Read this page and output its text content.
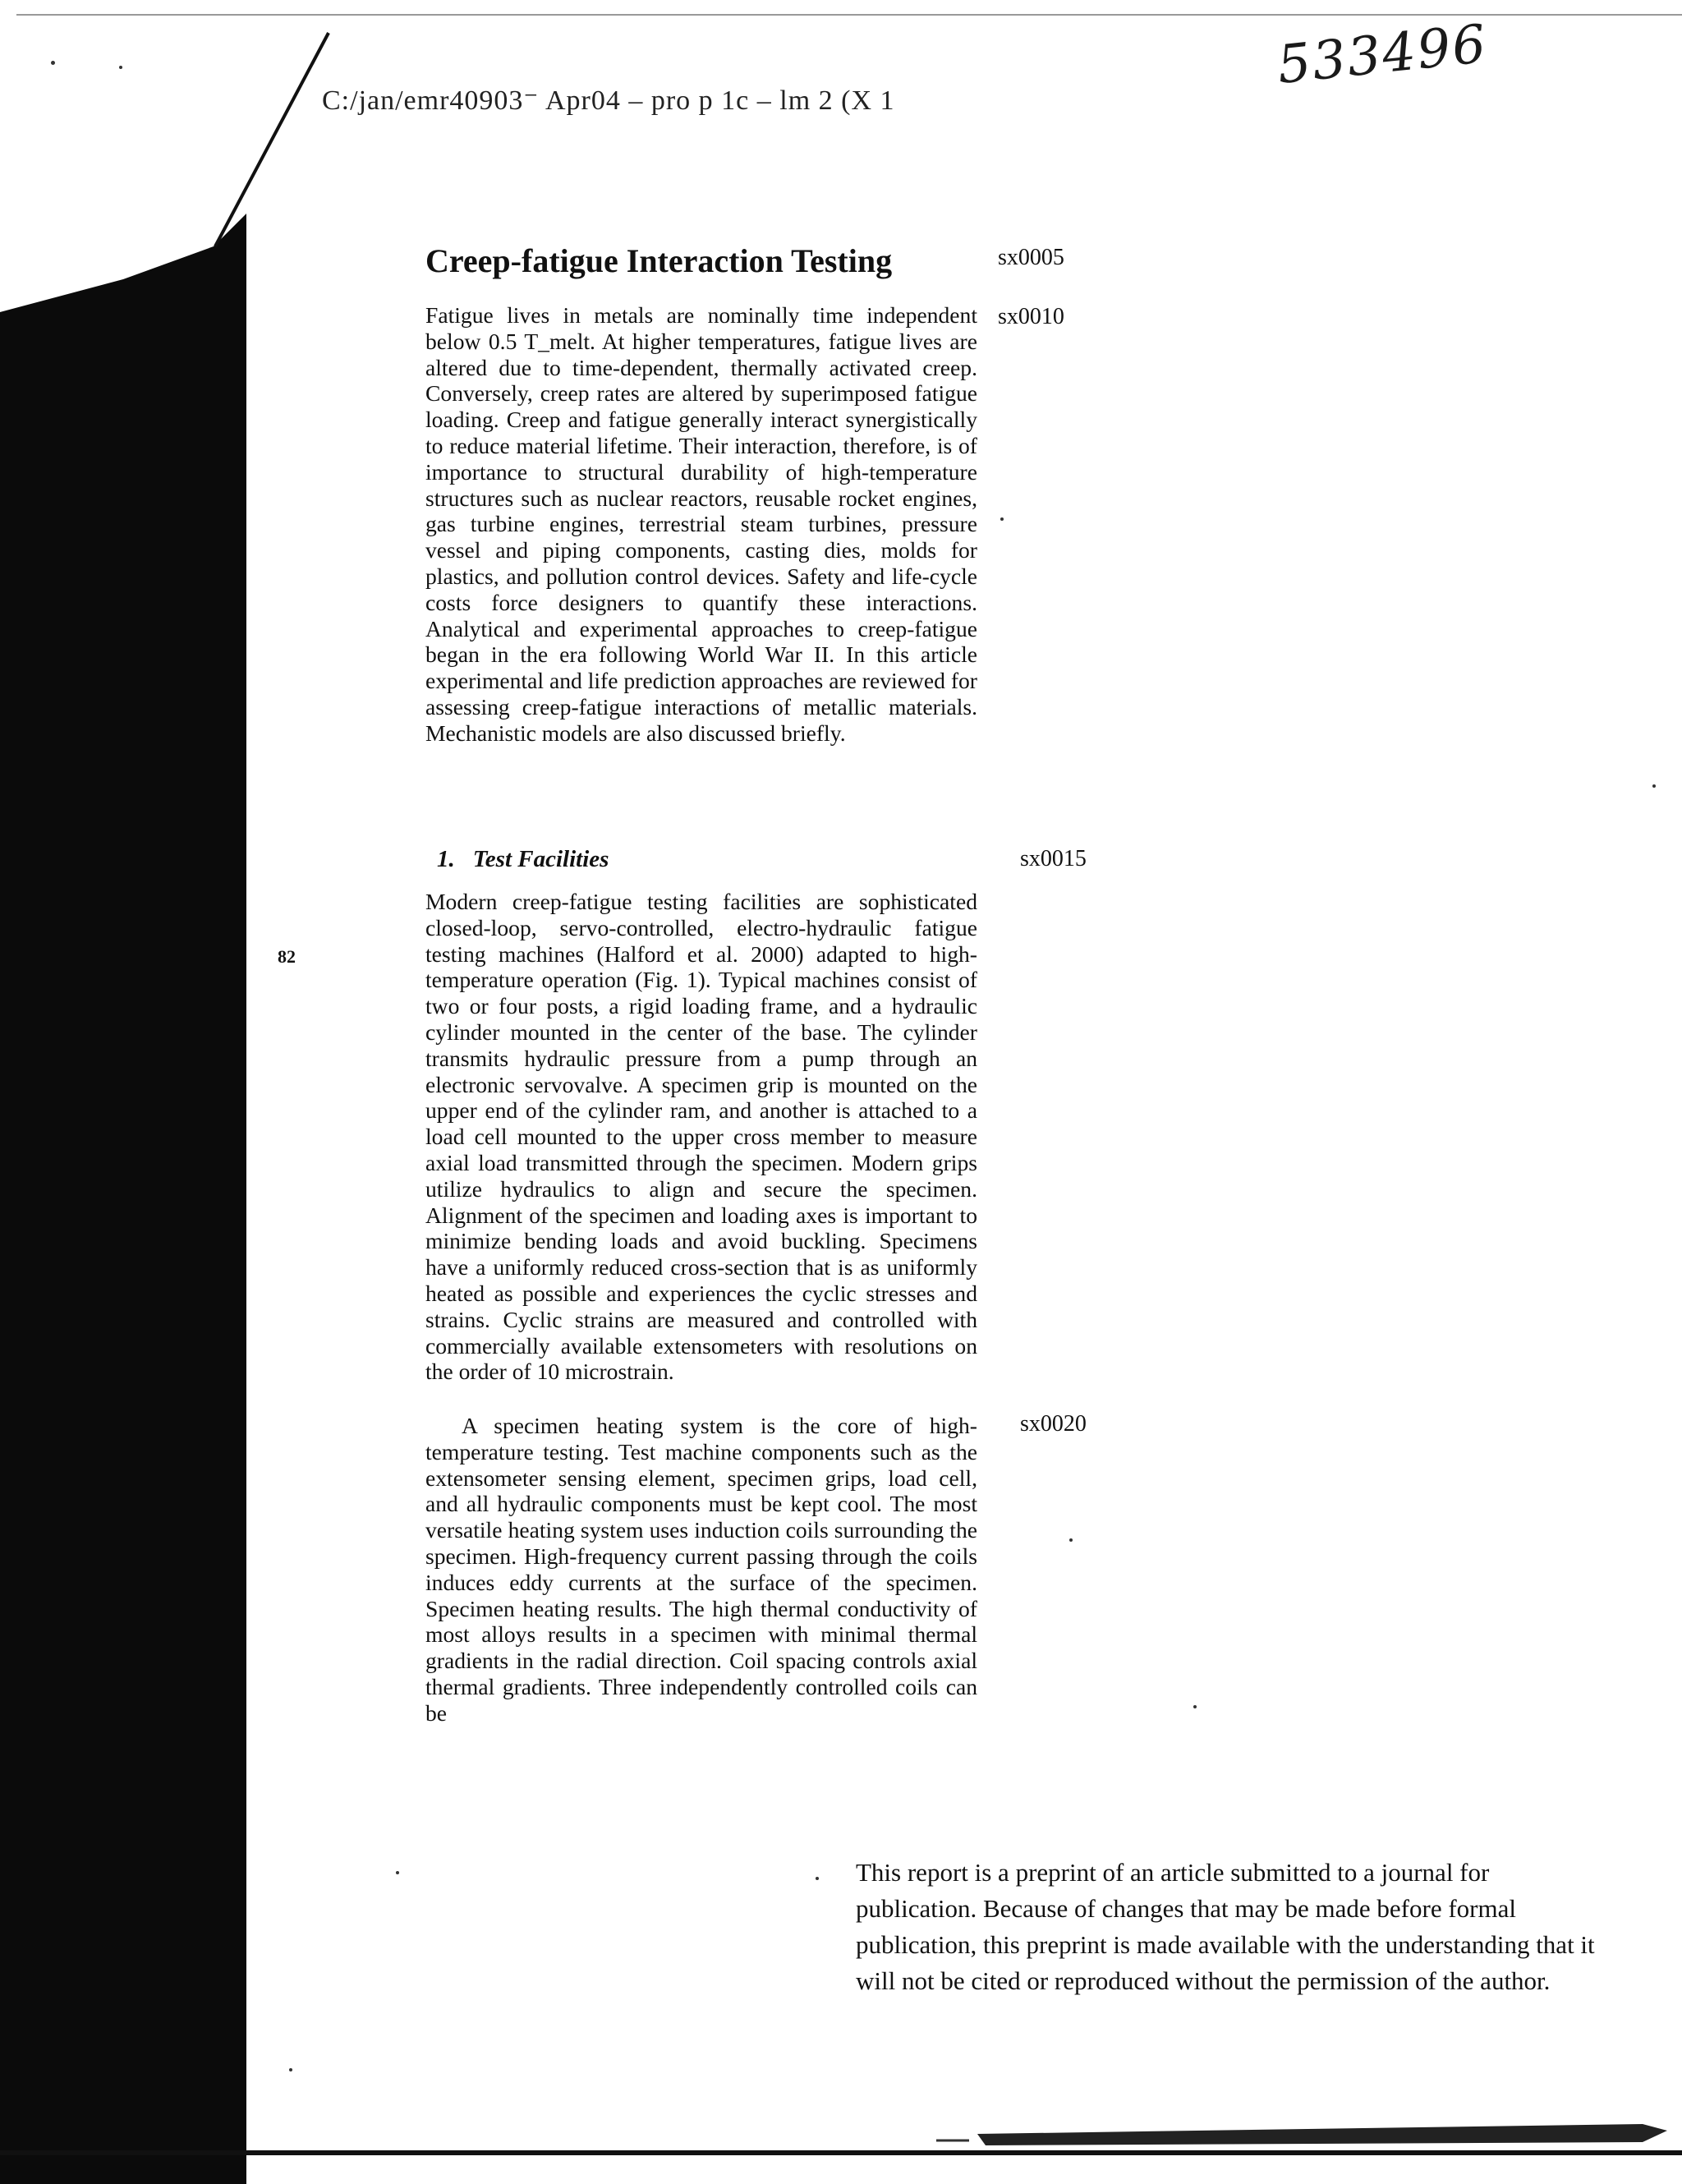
C:/jan/emr40903⁻ Apr04 – pro p 1c – lm 2 (X 1
533496
Creep-fatigue Interaction Testing	sx0005
sx0010
Fatigue lives in metals are nominally time independent below 0.5 T_melt. At higher temperatures, fatigue lives are altered due to time-dependent, thermally activated creep. Conversely, creep rates are altered by superimposed fatigue loading. Creep and fatigue generally interact synergistically to reduce material lifetime. Their interaction, therefore, is of importance to structural durability of high-temperature structures such as nuclear reactors, reusable rocket engines, gas turbine engines, terrestrial steam turbines, pressure vessel and piping components, casting dies, molds for plastics, and pollution control devices. Safety and life-cycle costs force designers to quantify these interactions. Analytical and experimental approaches to creep-fatigue began in the era following World War II. In this article experimental and life prediction approaches are reviewed for assessing creep-fatigue interactions of metallic materials. Mechanistic models are also discussed briefly.
1. Test Facilities	sx0015
82
Modern creep-fatigue testing facilities are sophisticated closed-loop, servo-controlled, electro-hydraulic fatigue testing machines (Halford et al. 2000) adapted to high-temperature operation (Fig. 1). Typical machines consist of two or four posts, a rigid loading frame, and a hydraulic cylinder mounted in the center of the base. The cylinder transmits hydraulic pressure from a pump through an electronic servovalve. A specimen grip is mounted on the upper end of the cylinder ram, and another is attached to a load cell mounted to the upper cross member to measure axial load transmitted through the specimen. Modern grips utilize hydraulics to align and secure the specimen. Alignment of the specimen and loading axes is important to minimize bending loads and avoid buckling. Specimens have a uniformly reduced cross-section that is as uniformly heated as possible and experiences the cyclic stresses and strains. Cyclic strains are measured and controlled with commercially available extensometers with resolutions on the order of 10 microstrain.
sx0020
A specimen heating system is the core of high-temperature testing. Test machine components such as the extensometer sensing element, specimen grips, load cell, and all hydraulic components must be kept cool. The most versatile heating system uses induction coils surrounding the specimen. High-frequency current passing through the coils induces eddy currents at the surface of the specimen. Specimen heating results. The high thermal conductivity of most alloys results in a specimen with minimal thermal gradients in the radial direction. Coil spacing controls axial thermal gradients. Three independently controlled coils can be
This report is a preprint of an article submitted to a journal for publication. Because of changes that may be made before formal publication, this preprint is made available with the understanding that it will not be cited or reproduced without the permission of the author.
